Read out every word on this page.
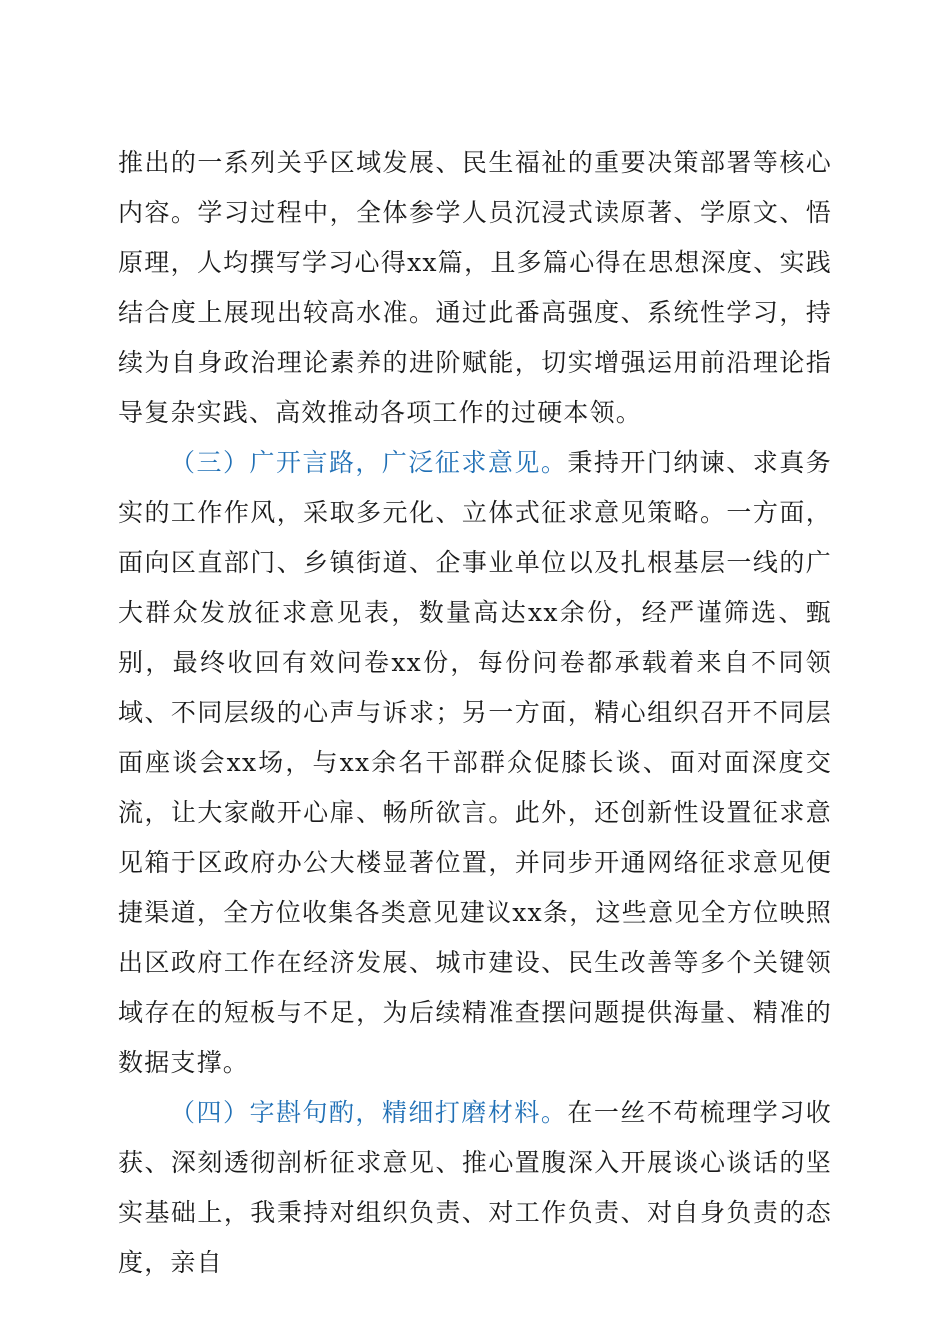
推出的一系列关乎区域发展、民生福祉的重要决策部署等核心内容。学习过程中，全体参学人员沉浸式读原著、学原文、悟原理，人均撰写学习心得xx篇，且多篇心得在思想深度、实践结合度上展现出较高水准。通过此番高强度、系统性学习，持续为自身政治理论素养的进阶赋能，切实增强运用前沿理论指导复杂实践、高效推动各项工作的过硬本领。

（三）广开言路，广泛征求意见。秉持开门纳谏、求真务实的工作作风，采取多元化、立体式征求意见策略。一方面，面向区直部门、乡镇街道、企事业单位以及扎根基层一线的广大群众发放征求意见表，数量高达xx余份，经严谨筛选、甄别，最终收回有效问卷xx份，每份问卷都承载着来自不同领域、不同层级的心声与诉求；另一方面，精心组织召开不同层面座谈会xx场，与xx余名干部群众促膝长谈、面对面深度交流，让大家敞开心扉、畅所欲言。此外，还创新性设置征求意见箱于区政府办公大楼显著位置，并同步开通网络征求意见便捷渠道，全方位收集各类意见建议xx条，这些意见全方位映照出区政府工作在经济发展、城市建设、民生改善等多个关键领域存在的短板与不足，为后续精准查摆问题提供海量、精准的数据支撑。

（四）字斟句酌，精细打磨材料。在一丝不苟梳理学习收获、深刻透彻剖析征求意见、推心置腹深入开展谈心谈话的坚实基础上，我秉持对组织负责、对工作负责、对自身负责的态度，亲自
